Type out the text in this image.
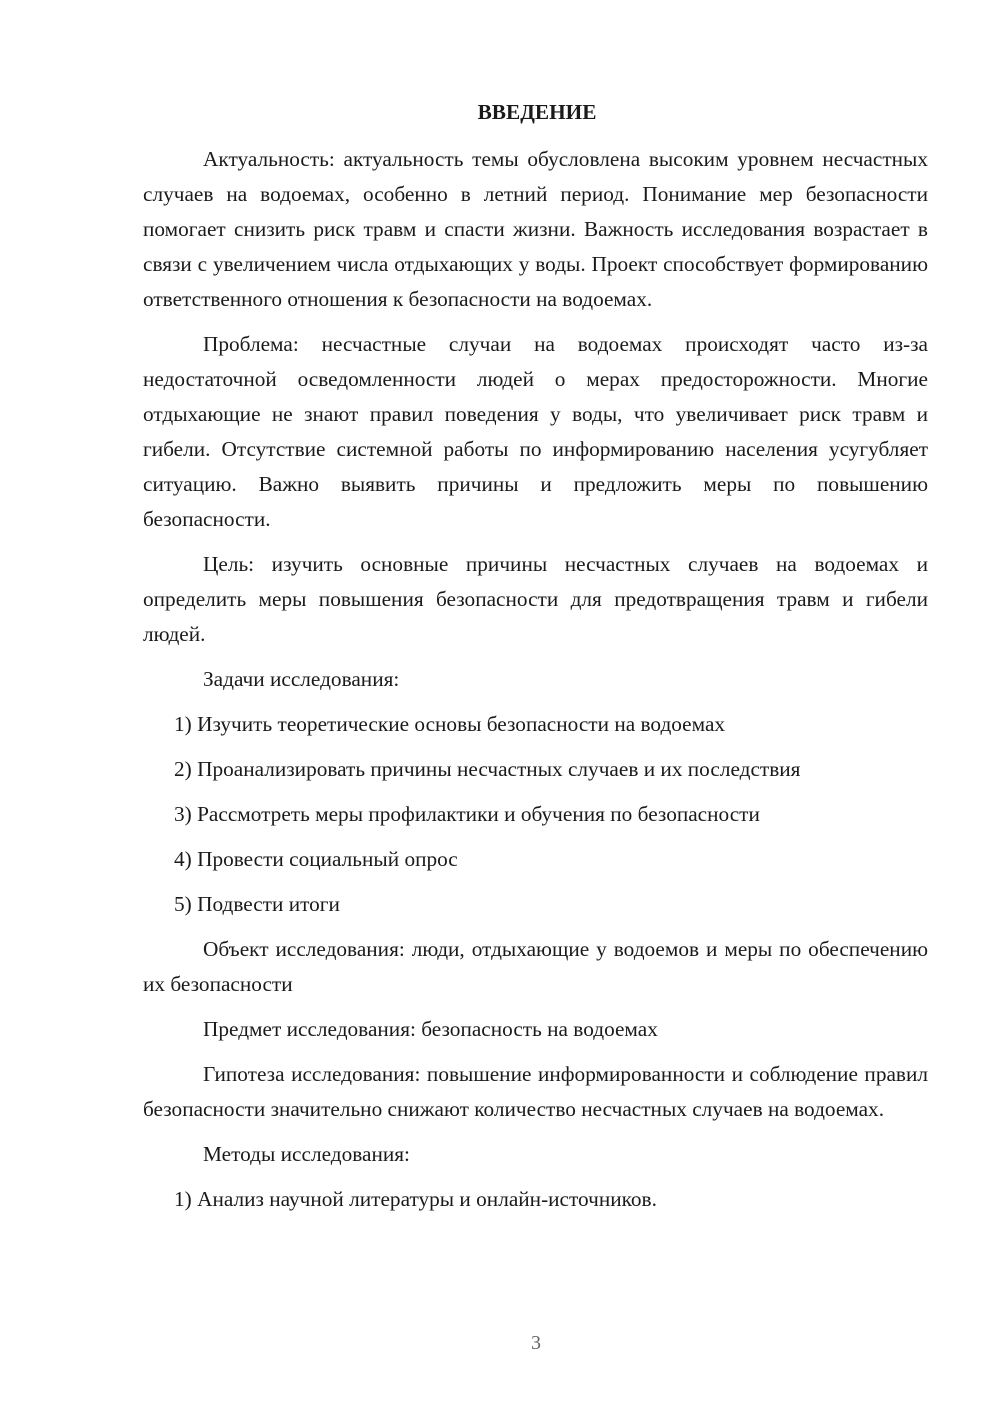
ВВЕДЕНИЕ

Актуальность: актуальность темы обусловлена высоким уровнем несчастных случаев на водоемах, особенно в летний период. Понимание мер безопасности помогает снизить риск травм и спасти жизни. Важность исследования возрастает в связи с увеличением числа отдыхающих у воды. Проект способствует формированию ответственного отношения к безопасности на водоемах.

Проблема: несчастные случаи на водоемах происходят часто из-за недостаточной осведомленности людей о мерах предосторожности. Многие отдыхающие не знают правил поведения у воды, что увеличивает риск травм и гибели. Отсутствие системной работы по информированию населения усугубляет ситуацию. Важно выявить причины и предложить меры по повышению безопасности.

Цель: изучить основные причины несчастных случаев на водоемах и определить меры повышения безопасности для предотвращения травм и гибели людей.

Задачи исследования:

1) Изучить теоретические основы безопасности на водоемах

2) Проанализировать причины несчастных случаев и их последствия

3) Рассмотреть меры профилактики и обучения по безопасности

4) Провести социальный опрос

5) Подвести итоги

Объект исследования: люди, отдыхающие у водоемов и меры по обеспечению их безопасности

Предмет исследования: безопасность на водоемах

Гипотеза исследования: повышение информированности и соблюдение правил безопасности значительно снижают количество несчастных случаев на водоемах.

Методы исследования:

1) Анализ научной литературы и онлайн-источников.

3
